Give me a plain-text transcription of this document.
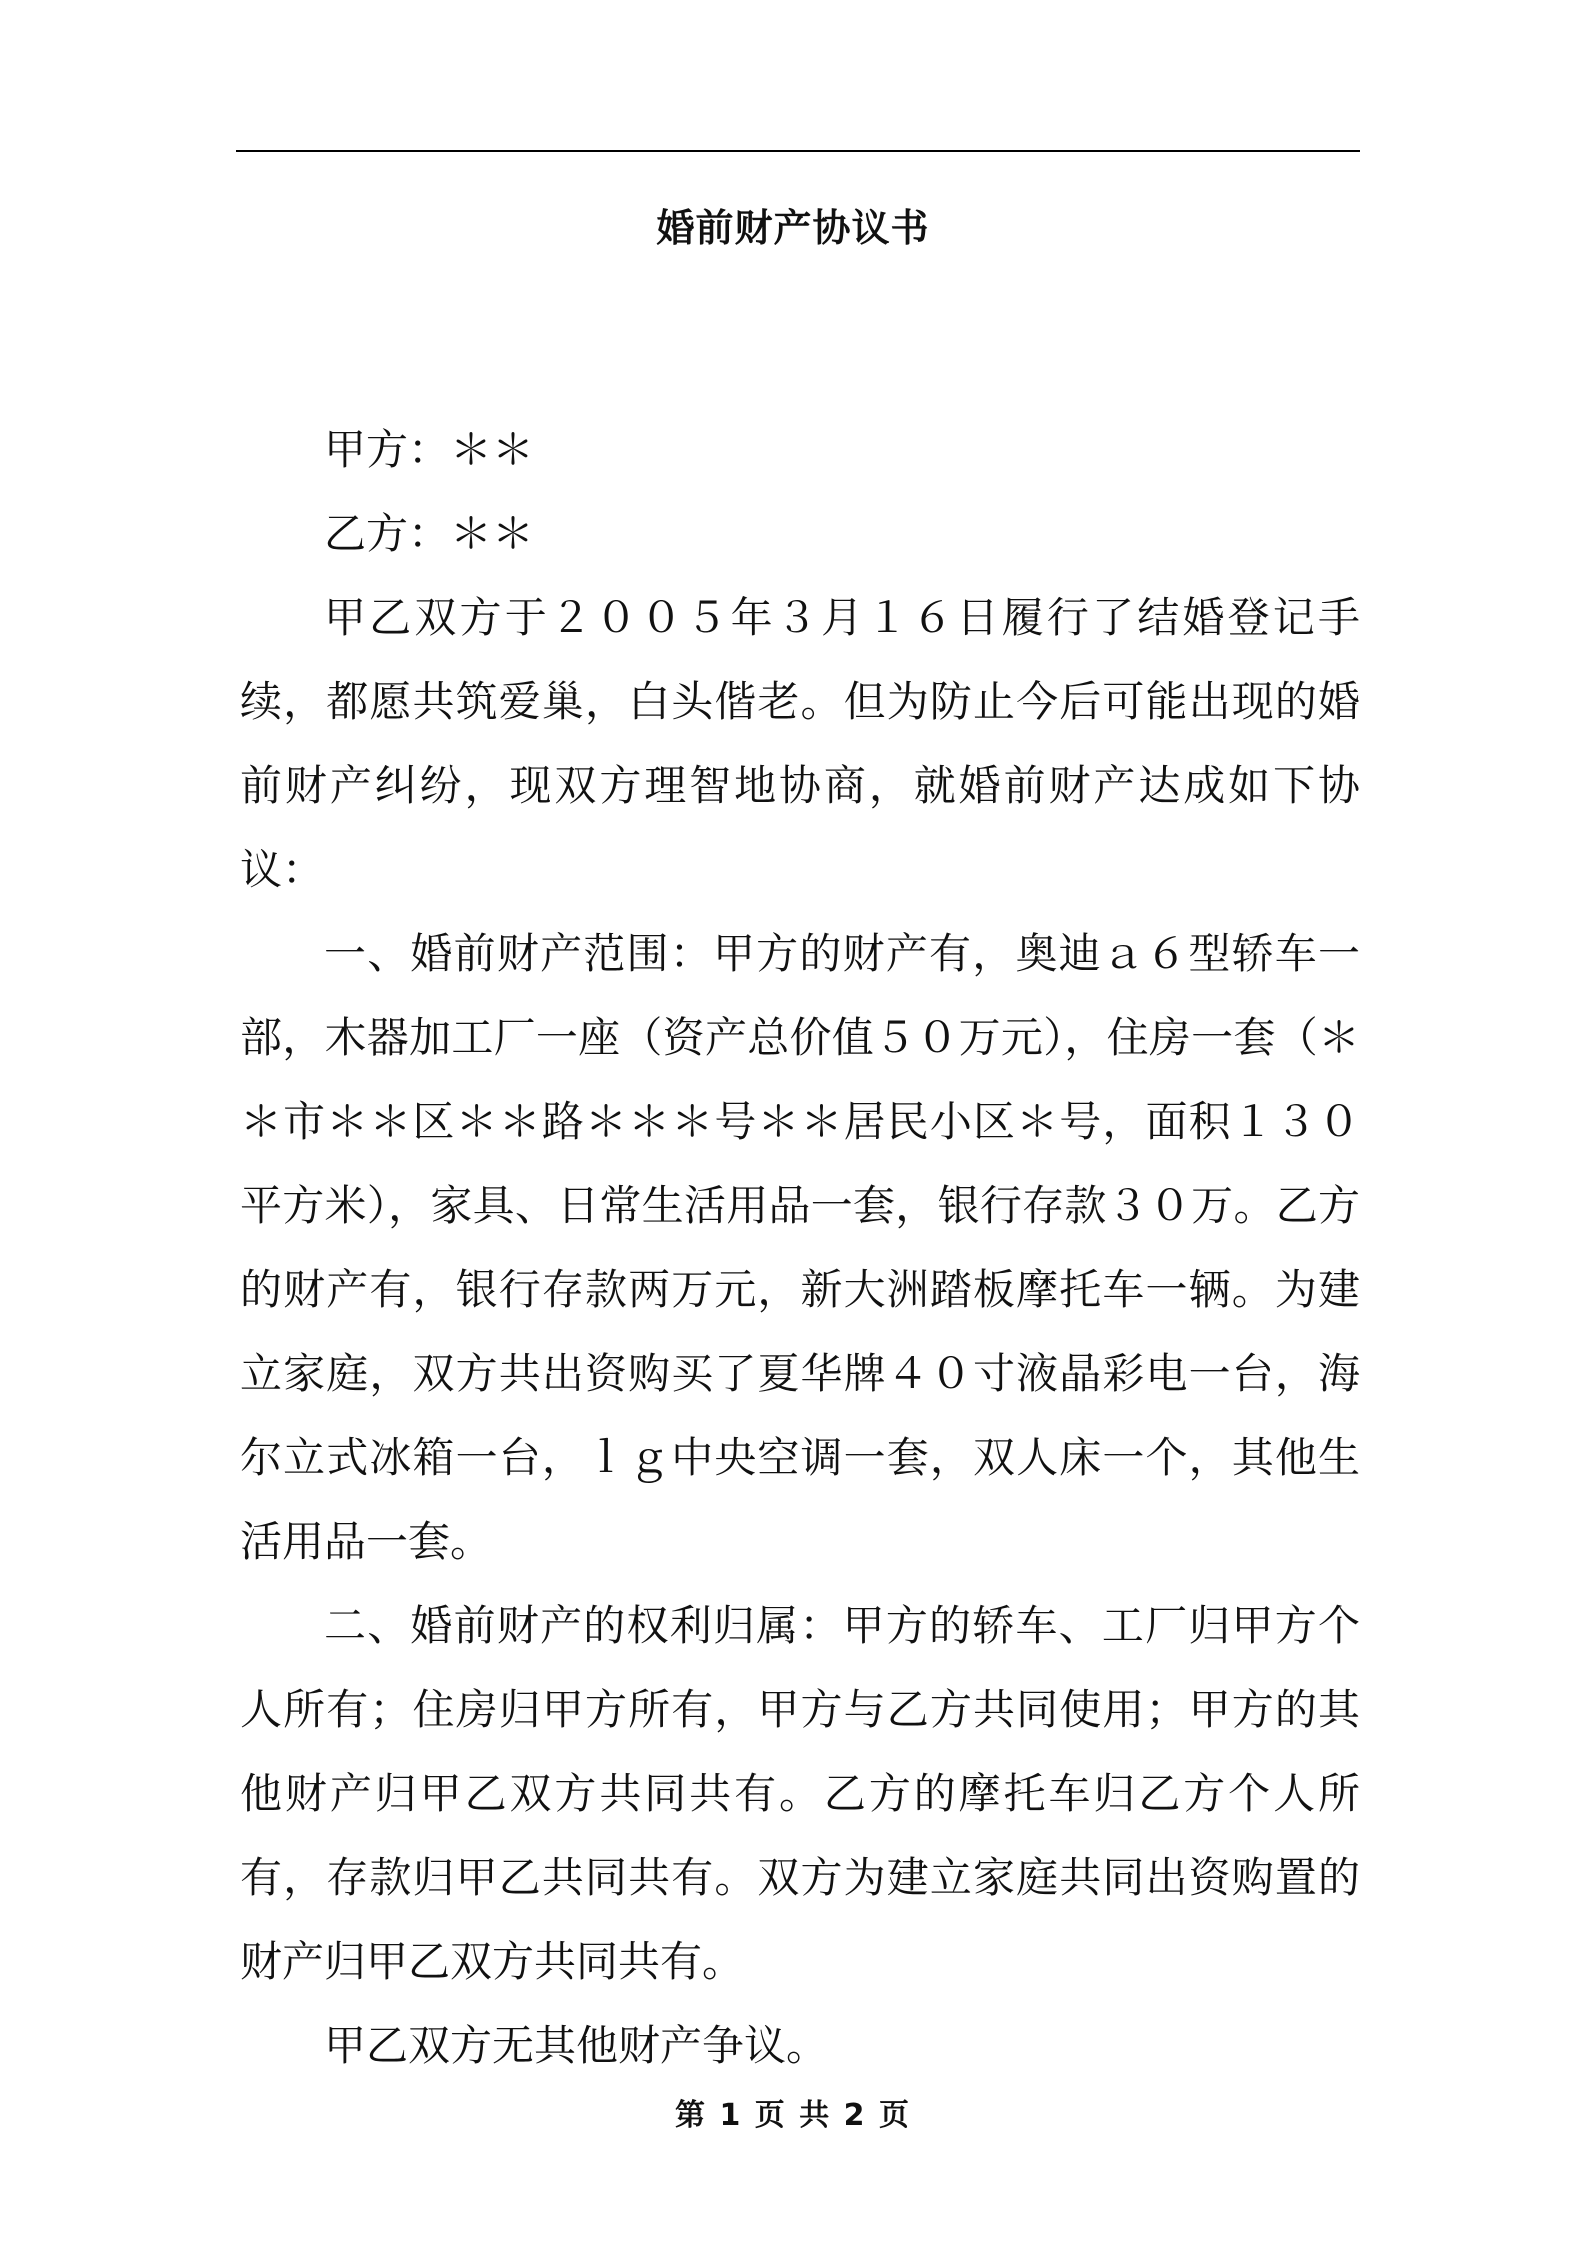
婚前财产协议书

甲方：＊＊

乙方：＊＊

甲乙双方于２００５年３月１６日履行了结婚登记手续，都愿共筑爱巢，白头偕老。但为防止今后可能出现的婚前财产纠纷，现双方理智地协商，就婚前财产达成如下协议：

一、婚前财产范围：甲方的财产有，奥迪ａ６型轿车一部，木器加工厂一座（资产总价值５０万元），住房一套（＊＊市＊＊区＊＊路＊＊＊号＊＊居民小区＊号，面积１３０平方米），家具、日常生活用品一套，银行存款３０万。乙方的财产有，银行存款两万元，新大洲踏板摩托车一辆。为建立家庭，双方共出资购买了夏华牌４０寸液晶彩电一台，海尔立式冰箱一台，ｌｇ中央空调一套，双人床一个，其他生活用品一套。

二、婚前财产的权利归属：甲方的轿车、工厂归甲方个人所有；住房归甲方所有，甲方与乙方共同使用；甲方的其他财产归甲乙双方共同共有。乙方的摩托车归乙方个人所有，存款归甲乙共同共有。双方为建立家庭共同出资购置的财产归甲乙双方共同共有。

甲乙双方无其他财产争议。

第 1 页 共 2 页
